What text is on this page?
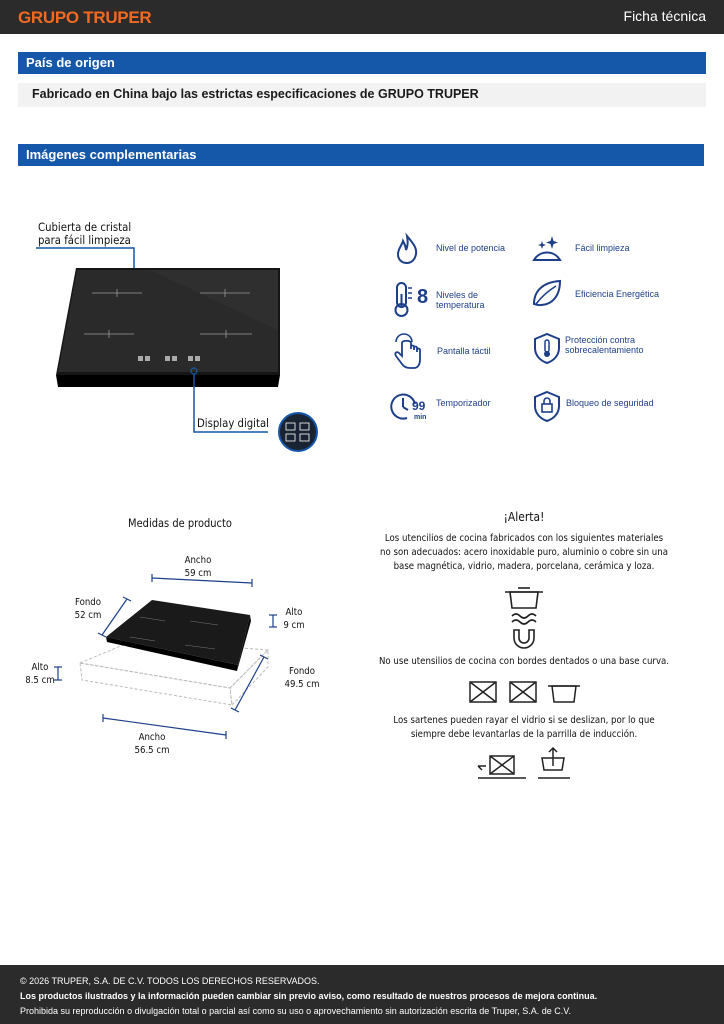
GRUPO TRUPER	Ficha técnica
País de origen
Fabricado en China bajo las estrictas especificaciones de GRUPO TRUPER
Imágenes complementarias
Cubierta de cristal
para fácil limpieza
Display digital
Nivel de potencia	Fácil limpieza
8 Niveles de
temperatura
Eficiencia Energética
Pantalla táctil
Protección contra
sobrecalentamiento
99
min
Temporizador	Bloqueo de seguridad
Medidas de producto
Ancho
59 cm
Fondo
52 cm	Alto
9 cm
Alto
8.5 cm
Fondo
49.5 cm
Ancho
56.5 cm
¡Alerta!
Los utencilios de cocina fabricados con los siguientes materiales
no son adecuados: acero inoxidable puro, aluminio o cobre sin una
base magnética, vidrio, madera, porcelana, cerámica y loza.
No use utensilios de cocina con bordes dentados o una base curva.
Los sartenes pueden rayar el vidrio si se deslizan, por lo que
siempre debe levantarlas de la parrilla de inducción.
© 2026 TRUPER, S.A. DE C.V. TODOS LOS DERECHOS RESERVADOS.
Los productos ilustrados y la información pueden cambiar sin previo aviso, como resultado de nuestros procesos de mejora continua.
Prohibida su reproducción o divulgación total o parcial así como su uso o aprovechamiento sin autorización escrita de Truper, S.A. de C.V.
